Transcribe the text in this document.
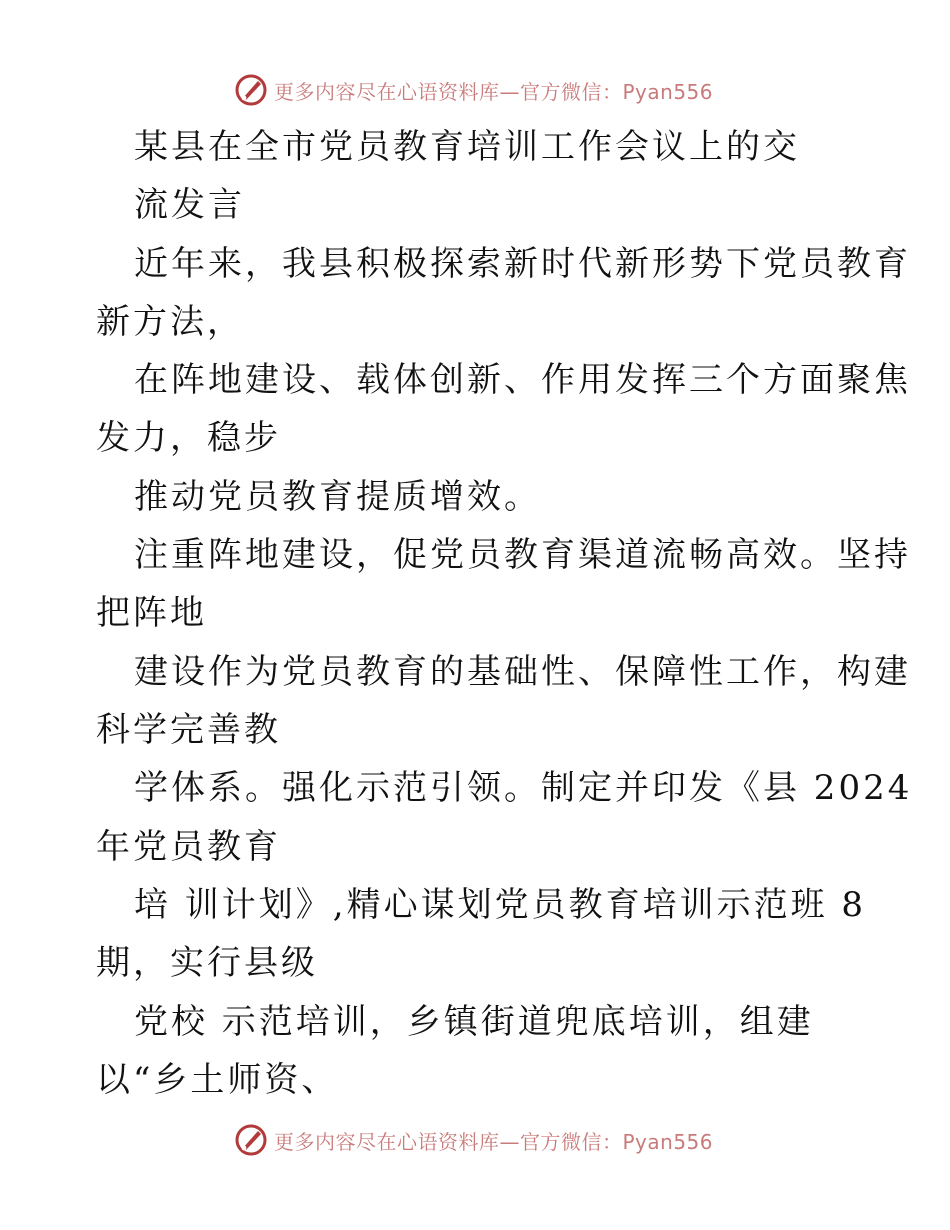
更多内容尽在心语资料库—官方微信：Pyan556
某县在全市党员教育培训工作会议上的交
流发言
近年来，我县积极探索新时代新形势下党员教育
新方法，
在阵地建设、载体创新、作用发挥三个方面聚焦
发力，稳步
推动党员教育提质增效。
注重阵地建设，促党员教育渠道流畅高效。坚持
把阵地
建设作为党员教育的基础性、保障性工作，构建
科学完善教
学体系。强化示范引领。制定并印发《县 2024
年党员教育
培 训计划》,精心谋划党员教育培训示范班 8
期，实行县级
党校 示范培训，乡镇街道兜底培训，组建
以“乡土师资、
更多内容尽在心语资料库—官方微信：Pyan556
